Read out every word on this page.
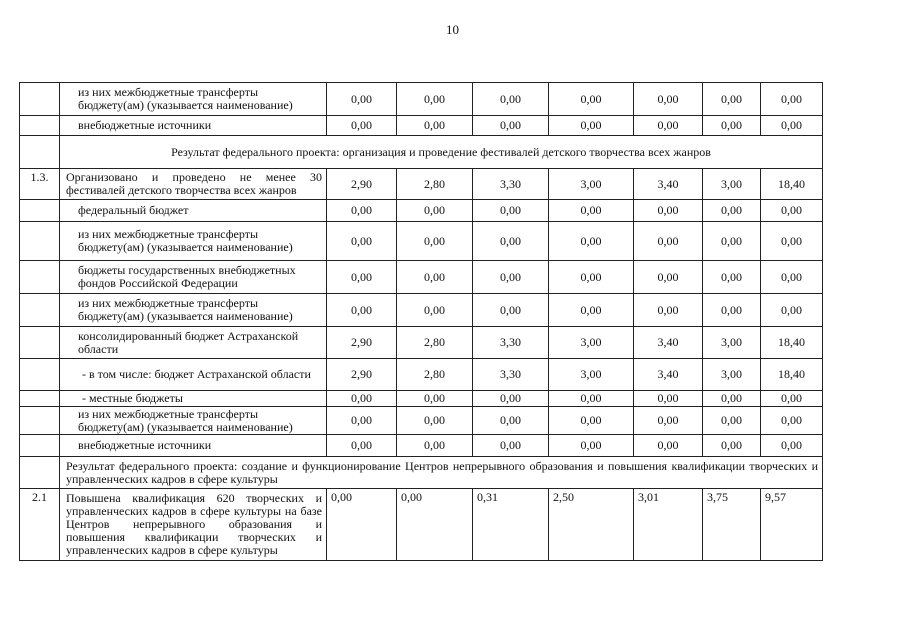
10
	из них межбюджетные трансферты бюджету(ам) (указывается наименование)	0,00	0,00	0,00	0,00	0,00	0,00	0,00
	внебюджетные источники	0,00	0,00	0,00	0,00	0,00	0,00	0,00
	Результат федерального проекта: организация и проведение фестивалей детского творчества всех жанров							
1.3.	Организовано и проведено не менее 30 фестивалей детского творчества всех жанров	2,90	2,80	3,30	3,00	3,40	3,00	18,40
	федеральный бюджет	0,00	0,00	0,00	0,00	0,00	0,00	0,00
	из них межбюджетные трансферты бюджету(ам) (указывается наименование)	0,00	0,00	0,00	0,00	0,00	0,00	0,00
	бюджеты государственных внебюджетных фондов Российской Федерации	0,00	0,00	0,00	0,00	0,00	0,00	0,00
	из них межбюджетные трансферты бюджету(ам) (указывается наименование)	0,00	0,00	0,00	0,00	0,00	0,00	0,00
	консолидированный бюджет Астраханской области	2,90	2,80	3,30	3,00	3,40	3,00	18,40
	- в том числе: бюджет Астраханской области	2,90	2,80	3,30	3,00	3,40	3,00	18,40
	- местные бюджеты	0,00	0,00	0,00	0,00	0,00	0,00	0,00
	из них межбюджетные трансферты бюджету(ам) (указывается наименование)	0,00	0,00	0,00	0,00	0,00	0,00	0,00
	внебюджетные источники	0,00	0,00	0,00	0,00	0,00	0,00	0,00
	Результат федерального проекта: создание и функционирование Центров непрерывного образования и повышения квалификации творческих и управленческих кадров в сфере культуры							
2.1	Повышена квалификация 620 творческих и управленческих кадров в сфере культуры на базе Центров непрерывного образования и повышения квалификации творческих и управленческих кадров в сфере культуры	0,00	0,00	0,31	2,50	3,01	3,75	9,57
